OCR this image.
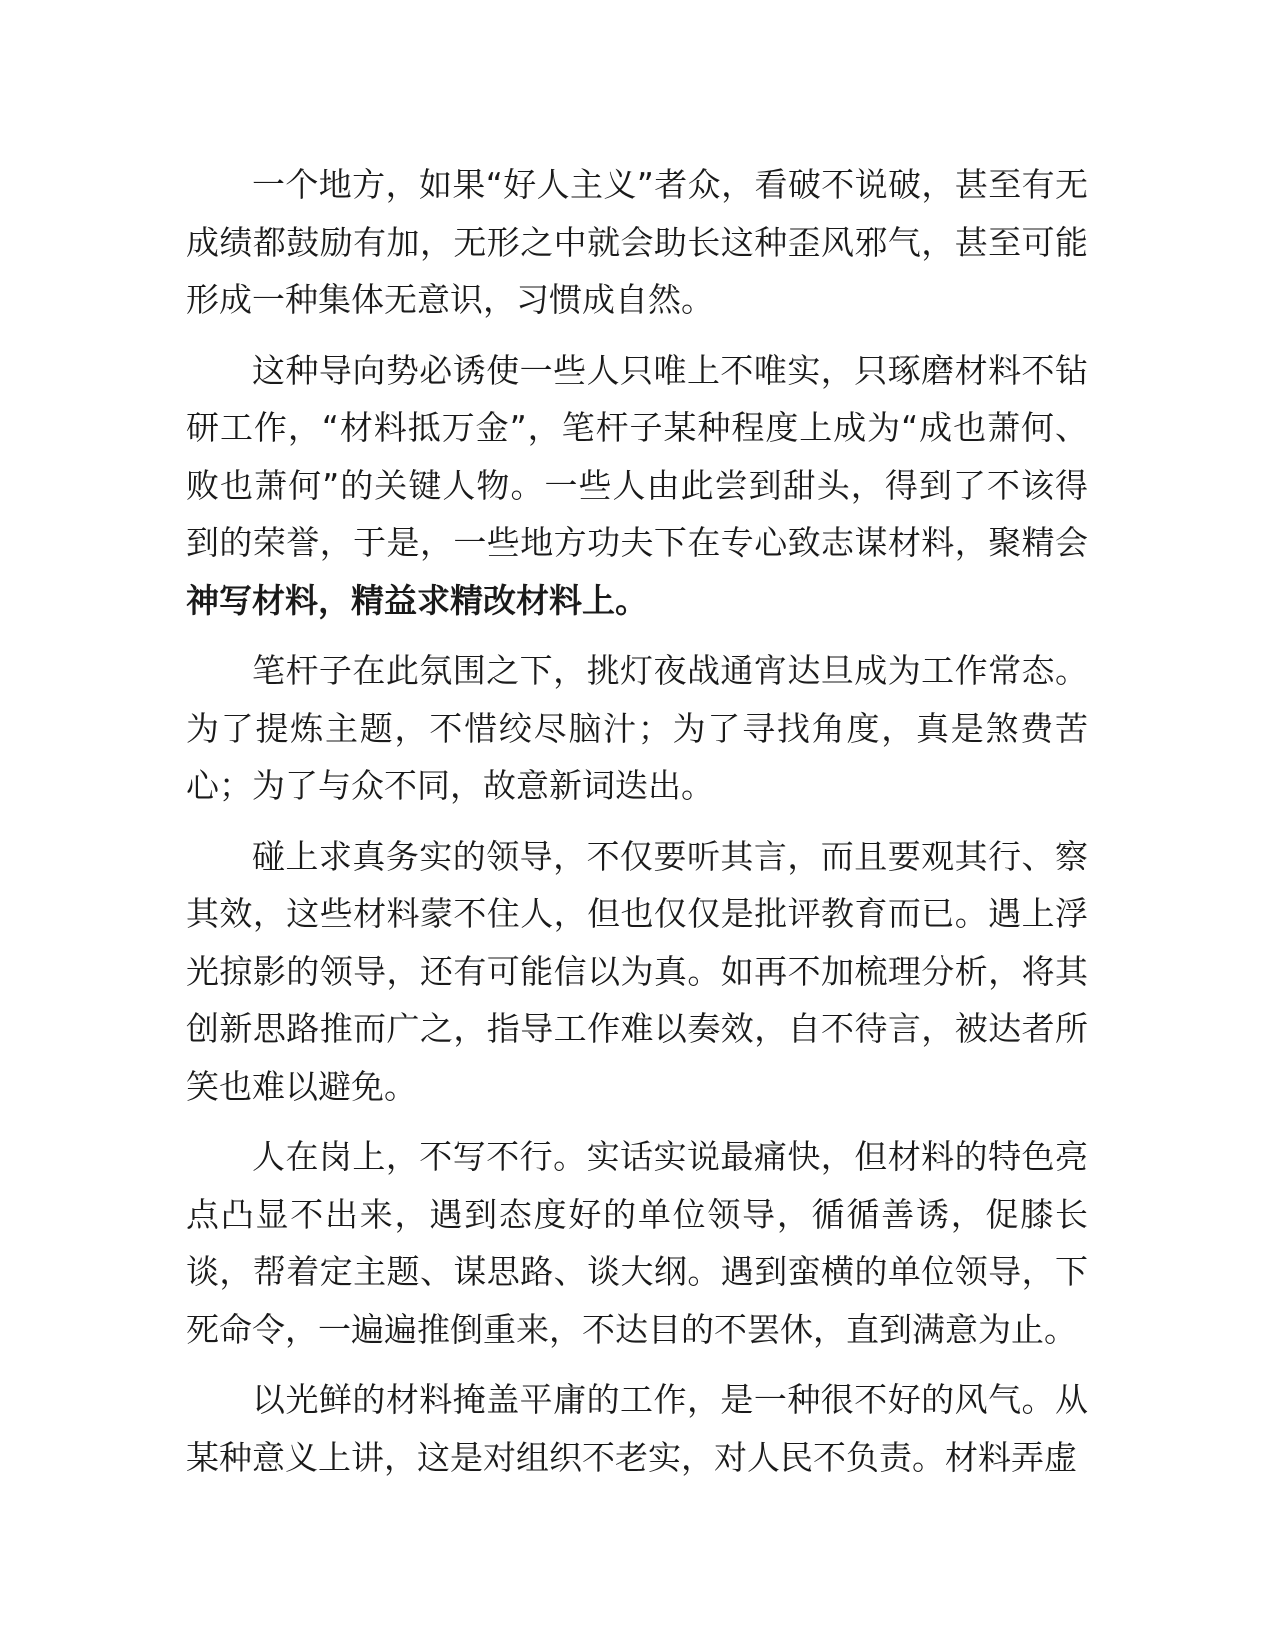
一个地方，如果“好人主义”者众，看破不说破，甚至有无成绩都鼓励有加，无形之中就会助长这种歪风邪气，甚至可能形成一种集体无意识，习惯成自然。

这种导向势必诱使一些人只唯上不唯实，只琢磨材料不钻研工作，“材料抵万金”，笔杆子某种程度上成为“成也萧何、败也萧何”的关键人物。一些人由此尝到甜头，得到了不该得到的荣誉，于是，一些地方功夫下在专心致志谋材料，聚精会神写材料，精益求精改材料上。

笔杆子在此氛围之下，挑灯夜战通宵达旦成为工作常态。为了提炼主题，不惜绞尽脑汁；为了寻找角度，真是煞费苦心；为了与众不同，故意新词迭出。

碰上求真务实的领导，不仅要听其言，而且要观其行、察其效，这些材料蒙不住人，但也仅仅是批评教育而已。遇上浮光掠影的领导，还有可能信以为真。如再不加梳理分析，将其创新思路推而广之，指导工作难以奏效，自不待言，被达者所笑也难以避免。

人在岗上，不写不行。实话实说最痛快，但材料的特色亮点凸显不出来，遇到态度好的单位领导，循循善诱，促膝长谈，帮着定主题、谋思路、谈大纲。遇到蛮横的单位领导，下死命令，一遍遍推倒重来，不达目的不罢休，直到满意为止。

以光鲜的材料掩盖平庸的工作，是一种很不好的风气。从某种意义上讲，这是对组织不老实，对人民不负责。材料弄虚
